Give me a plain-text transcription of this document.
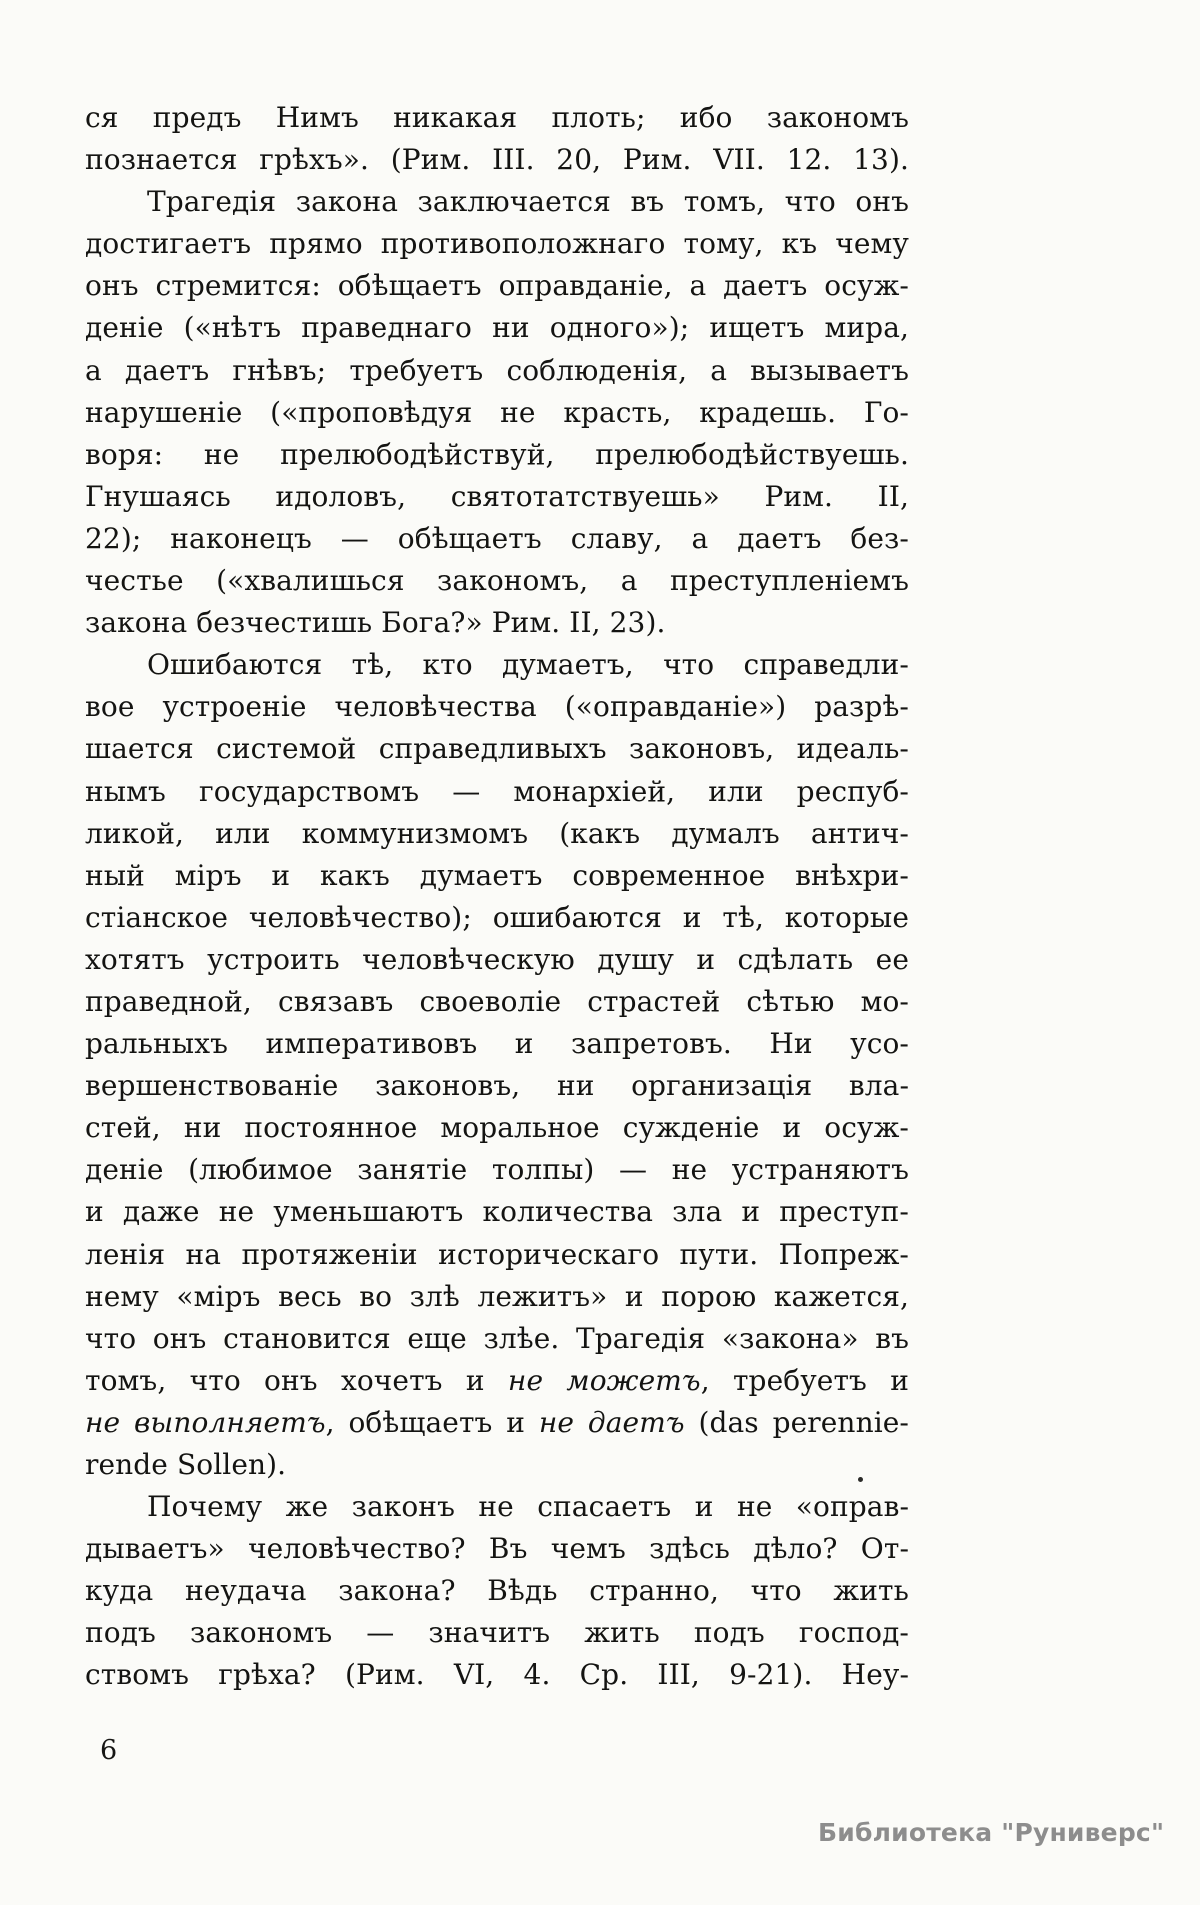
ся предъ Нимъ никакая плоть; ибо закономъ
познается грѣхъ». (Рим. III. 20, Рим. VII. 12. 13).
Трагедія закона заключается въ томъ, что онъ
достигаетъ прямо противоположнаго тому, къ чему
онъ стремится: обѣщаетъ оправданіе, а даетъ осуж-
деніе («нѣтъ праведнаго ни одного»); ищетъ мира,
а даетъ гнѣвъ; требуетъ соблюденія, а вызываетъ
нарушеніе («проповѣдуя не красть, крадешь. Го-
воря: не прелюбодѣйствуй, прелюбодѣйствуешь.
Гнушаясь идоловъ, святотатствуешь» Рим. II,
22); наконецъ — обѣщаетъ славу, а даетъ без-
честье («хвалишься закономъ, а преступленіемъ
закона безчестишь Бога?» Рим. II, 23).
Ошибаются тѣ, кто думаетъ, что справедли-
вое устроеніе человѣчества («оправданіе») разрѣ-
шается системой справедливыхъ законовъ, идеаль-
нымъ государствомъ — монархіей, или респуб-
ликой, или коммунизмомъ (какъ думалъ антич-
ный міръ и какъ думаетъ современное внѣхри-
стіанское человѣчество); ошибаются и тѣ, которые
хотятъ устроить человѣческую душу и сдѣлать ее
праведной, связавъ своеволіе страстей сѣтью мо-
ральныхъ императивовъ и запретовъ. Ни усо-
вершенствованіе законовъ, ни организація вла-
стей, ни постоянное моральное сужденіе и осуж-
деніе (любимое занятіе толпы) — не устраняютъ
и даже не уменьшаютъ количества зла и преступ-
ленія на протяженіи историческаго пути. Попреж-
нему «міръ весь во злѣ лежитъ» и порою кажется,
что онъ становится еще злѣе. Трагедія «закона» въ
томъ, что онъ хочетъ и не можетъ, требуетъ и
не выполняетъ, обѣщаетъ и не даетъ (das perennie-
rende Sollen).
Почему же законъ не спасаетъ и не «оправ-
дываетъ» человѣчество? Въ чемъ здѣсь дѣло? От-
куда неудача закона? Вѣдь странно, что жить
подъ закономъ — значитъ жить подъ господ-
ствомъ грѣха? (Рим. VI, 4. Ср. III, 9-21). Неу-
6
Библиотека "Руниверс"
